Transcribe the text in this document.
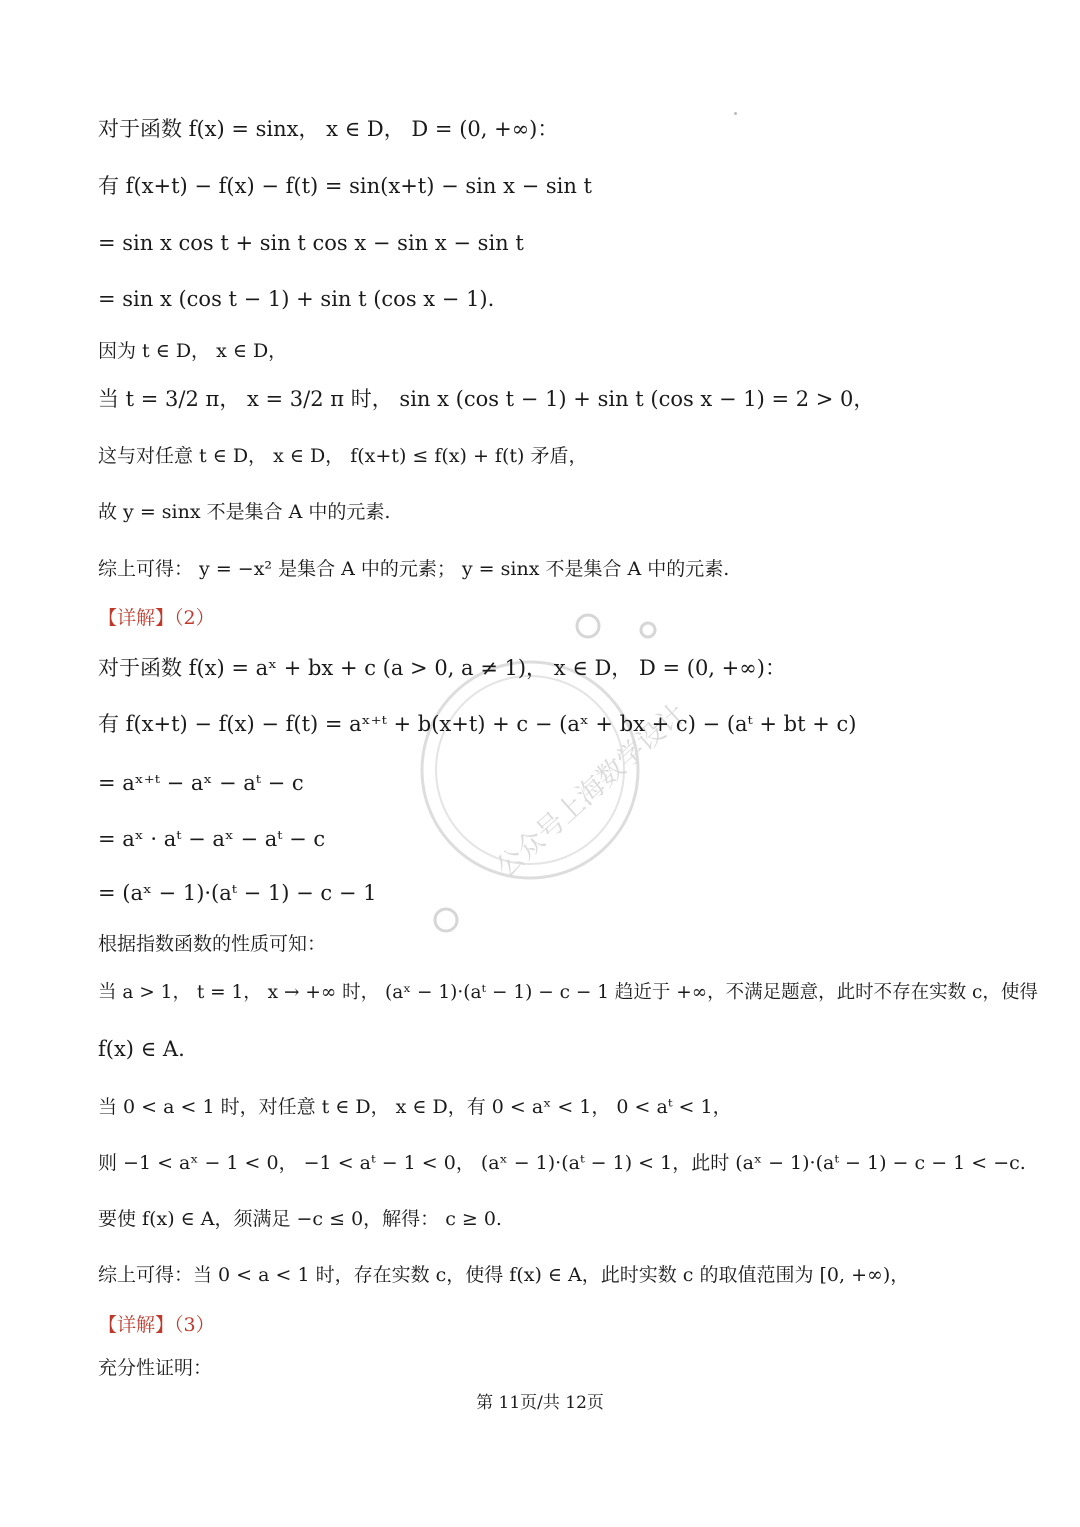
公众号上海数学设计
对于函数 f(x) = sinx， x ∈ D， D = (0, +∞)：
有 f(x+t) − f(x) − f(t) = sin(x+t) − sin x − sin t
= sin x cos t + sin t cos x − sin x − sin t
= sin x (cos t − 1) + sin t (cos x − 1).
因为 t ∈ D， x ∈ D，
当 t = 3/2 π， x = 3/2 π 时， sin x (cos t − 1) + sin t (cos x − 1) = 2 > 0，
这与对任意 t ∈ D， x ∈ D， f(x+t) ≤ f(x) + f(t) 矛盾，
故 y = sinx 不是集合 A 中的元素.
综上可得： y = −x² 是集合 A 中的元素； y = sinx 不是集合 A 中的元素.
【详解】（2）
对于函数 f(x) = aˣ + bx + c (a > 0, a ≠ 1)， x ∈ D， D = (0, +∞)：
有 f(x+t) − f(x) − f(t) = aˣ⁺ᵗ + b(x+t) + c − (aˣ + bx + c) − (aᵗ + bt + c)
= aˣ⁺ᵗ − aˣ − aᵗ − c
= aˣ · aᵗ − aˣ − aᵗ − c
= (aˣ − 1)·(aᵗ − 1) − c − 1
根据指数函数的性质可知：
当 a > 1， t = 1， x → +∞ 时， (aˣ − 1)·(aᵗ − 1) − c − 1 趋近于 +∞，不满足题意，此时不存在实数 c，使得
f(x) ∈ A.
当 0 < a < 1 时，对任意 t ∈ D， x ∈ D，有 0 < aˣ < 1， 0 < aᵗ < 1，
则 −1 < aˣ − 1 < 0， −1 < aᵗ − 1 < 0， (aˣ − 1)·(aᵗ − 1) < 1，此时 (aˣ − 1)·(aᵗ − 1) − c − 1 < −c.
要使 f(x) ∈ A，须满足 −c ≤ 0，解得： c ≥ 0.
综上可得：当 0 < a < 1 时，存在实数 c，使得 f(x) ∈ A，此时实数 c 的取值范围为 [0, +∞)，
【详解】（3）
充分性证明：
第 11页/共 12页
